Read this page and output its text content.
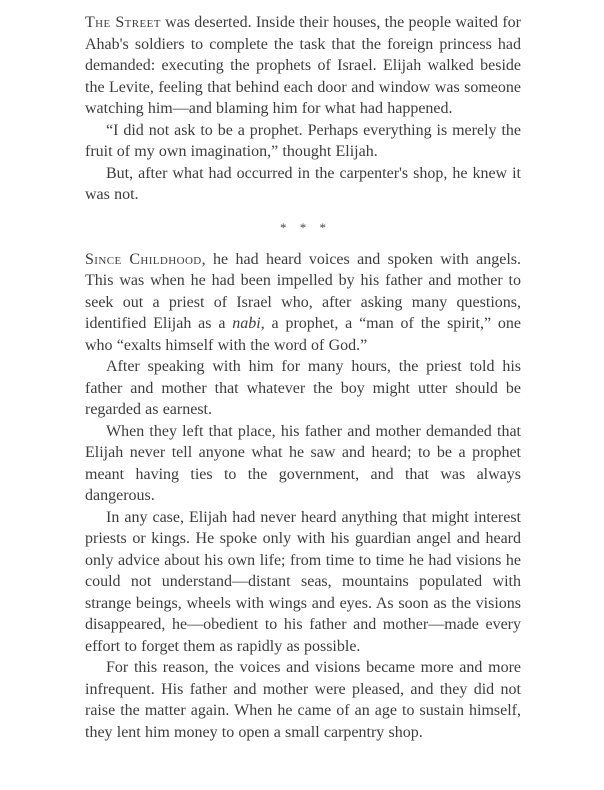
The Street was deserted. Inside their houses, the people waited for Ahab's soldiers to complete the task that the foreign princess had demanded: executing the prophets of Israel. Elijah walked beside the Levite, feeling that behind each door and window was someone watching him—and blaming him for what had happened.

“I did not ask to be a prophet. Perhaps everything is merely the fruit of my own imagination,” thought Elijah.

But, after what had occurred in the carpenter's shop, he knew it was not.

* * *

Since Childhood, he had heard voices and spoken with angels. This was when he had been impelled by his father and mother to seek out a priest of Israel who, after asking many questions, identified Elijah as a nabi, a prophet, a “man of the spirit,” one who “exalts himself with the word of God.”

After speaking with him for many hours, the priest told his father and mother that whatever the boy might utter should be regarded as earnest.

When they left that place, his father and mother demanded that Elijah never tell anyone what he saw and heard; to be a prophet meant having ties to the government, and that was always dangerous.

In any case, Elijah had never heard anything that might interest priests or kings. He spoke only with his guardian angel and heard only advice about his own life; from time to time he had visions he could not understand—distant seas, mountains populated with strange beings, wheels with wings and eyes. As soon as the visions disappeared, he—obedient to his father and mother—made every effort to forget them as rapidly as possible.

For this reason, the voices and visions became more and more infrequent. His father and mother were pleased, and they did not raise the matter again. When he came of an age to sustain himself, they lent him money to open a small carpentry shop.
